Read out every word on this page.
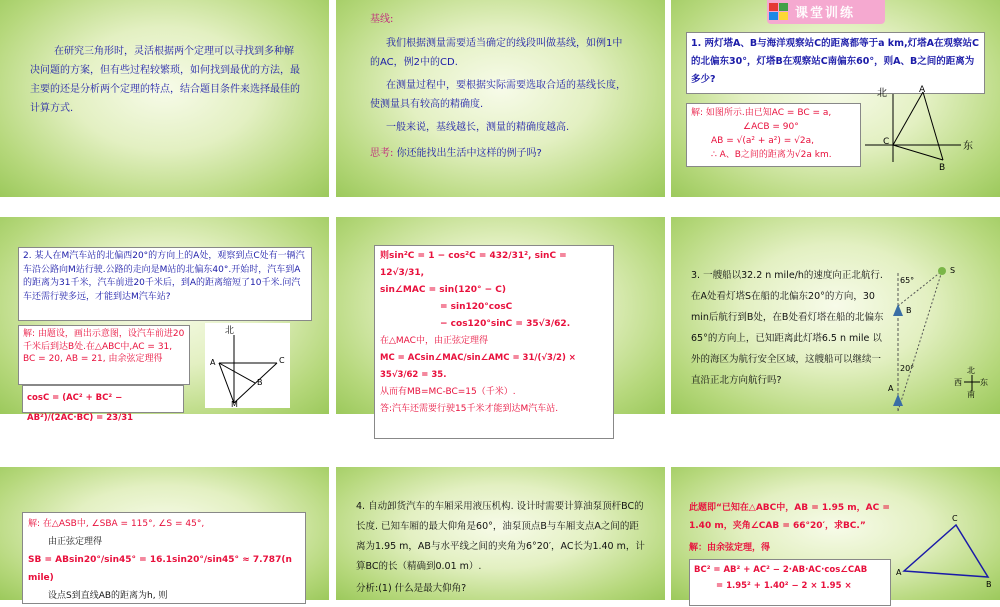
在研究三角形时，灵活根据两个定理可以寻找到多种解决问题的方案，但有些过程较繁琐，如何找到最优的方法，最主要的还是分析两个定理的特点，结合题目条件来选择最佳的计算方式.
基线:
我们根据测量需要适当确定的线段叫做基线，如例1中的AC，例2中的CD.
在测量过程中，要根据实际需要选取合适的基线长度，使测量具有较高的精确度.
一般来说，基线越长，测量的精确度越高.
思考: 你还能找出生活中这样的例子吗?
课堂训练
1. 两灯塔A、B与海洋观察站C的距离都等于a km,灯塔A在观察站C的北偏东30°，灯塔B在观察站C南偏东60°，则A、B之间的距离为多少?
解: 如图所示.由已知AC = BC = a,
∠ACB = 90°
AB = √(a² + a²) = √2a,
∴ A、B之间的距离为√2a km.
北	A
C	东
B
2. 某人在M汽车站的北偏西20°的方向上的A处，观察到点C处有一辆汽车沿公路向M站行驶.公路的走向是M站的北偏东40°.开始时，汽车到A的距离为31千米，汽车前进20千米后，到A的距离缩短了10千米.问汽车还需行驶多远，才能到达M汽车站?
解: 由题设，画出示意图，设汽车前进20千米后到达B处.在△ABC中,AC = 31, BC = 20, AB = 21, 由余弦定理得
cosC = (AC² + BC² − AB²)/(2AC·BC) = 23/31
北
A	C
B
M
则sin²C = 1 − cos²C = 432/31², sinC = 12√3/31,
sin∠MAC = sin(120° − C)
= sin120°cosC
− cos120°sinC = 35√3/62.
在△MAC中，由正弦定理得
MC = ACsin∠MAC/sin∠AMC = 31/(√3/2) × 35√3/62 = 35.
从而有MB=MC-BC=15（千米）.
答:汽车还需要行驶15千米才能到达M汽车站.
3. 一艘船以32.2 n mile/h的速度向正北航行. 在A处看灯塔S在船的北偏东20°的方向，30 min后航行到B处，在B处看灯塔在船的北偏东65°的方向上，已知距离此灯塔6.5 n mile 以外的海区为航行安全区域，这艘船可以继续一直沿正北方向航行吗?
65°
20°
S
B
A
北
西 东
南
解: 在△ASB中, ∠SBA = 115°, ∠S = 45°,
由正弦定理得
SB = ABsin20°/sin45° = 16.1sin20°/sin45° ≈ 7.787(n mile)
设点S到直线AB的距离为h, 则
4. 自动卸货汽车的车厢采用液压机构. 设计时需要计算油泵顶杆BC的长度. 已知车厢的最大仰角是60°，油泵顶点B与车厢支点A之间的距离为1.95 m，AB与水平线之间的夹角为6°20′，AC长为1.40 m，计算BC的长（精确到0.01 m）.
分析:(1) 什么是最大仰角?
此题即“已知在△ABC中，AB = 1.95 m，AC = 1.40 m，夹角∠CAB = 66°20′，求BC.”
解：由余弦定理，得
BC² = AB² + AC² − 2·AB·AC·cos∠CAB
= 1.95² + 1.40² − 2 × 1.95 ×
C
A
B
